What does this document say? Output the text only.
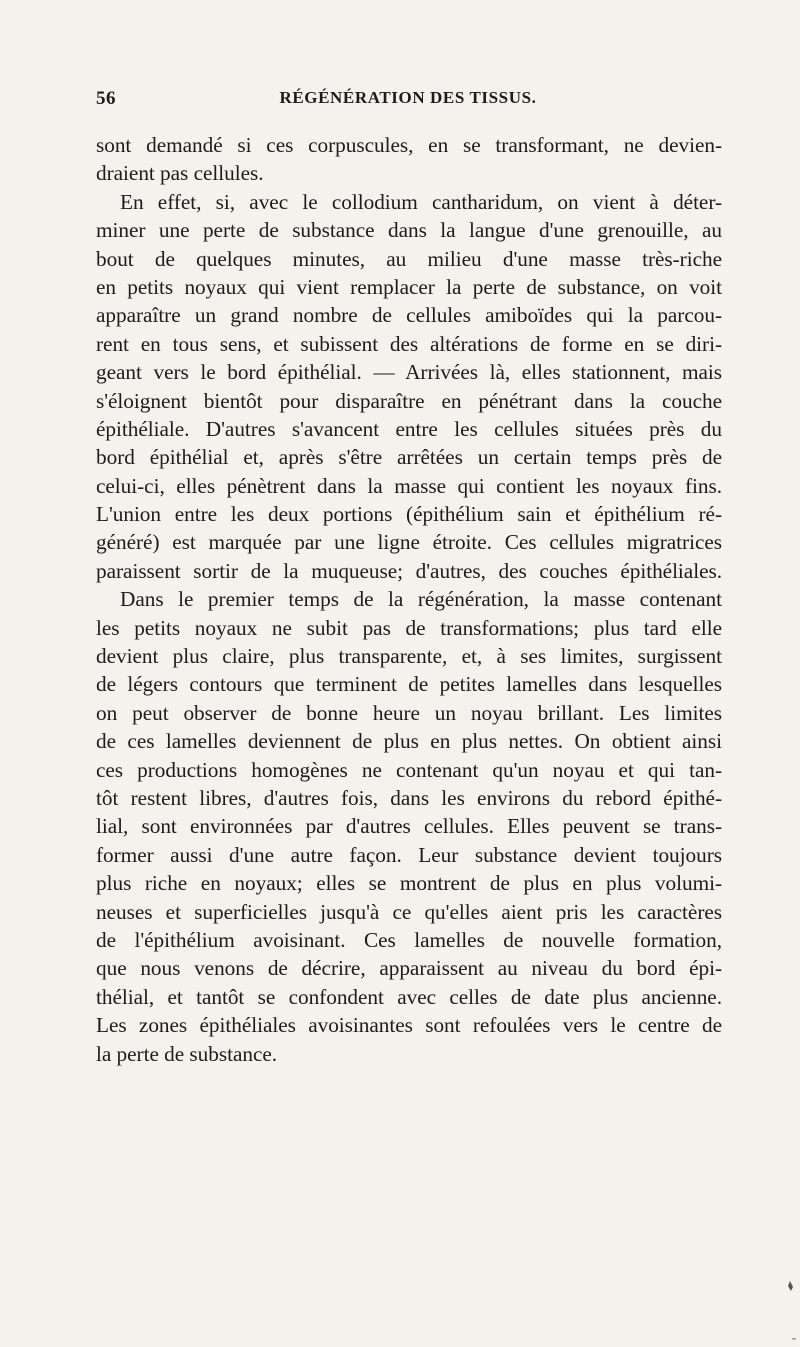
56	RÉGÉNÉRATION DES TISSUS.
sont demandé si ces corpuscules, en se transformant, ne devien-
draient pas cellules.
En effet, si, avec le collodium cantharidum, on vient à déter-
miner une perte de substance dans la langue d'une grenouille, au
bout de quelques minutes, au milieu d'une masse très-riche
en petits noyaux qui vient remplacer la perte de substance, on voit
apparaître un grand nombre de cellules amiboïdes qui la parcou-
rent en tous sens, et subissent des altérations de forme en se diri-
geant vers le bord épithélial. — Arrivées là, elles stationnent, mais
s'éloignent bientôt pour disparaître en pénétrant dans la couche
épithéliale. D'autres s'avancent entre les cellules situées près du
bord épithélial et, après s'être arrêtées un certain temps près de
celui-ci, elles pénètrent dans la masse qui contient les noyaux fins.
L'union entre les deux portions (épithélium sain et épithélium ré-
généré) est marquée par une ligne étroite. Ces cellules migratrices
paraissent sortir de la muqueuse; d'autres, des couches épithéliales.
Dans le premier temps de la régénération, la masse contenant
les petits noyaux ne subit pas de transformations; plus tard elle
devient plus claire, plus transparente, et, à ses limites, surgissent
de légers contours que terminent de petites lamelles dans lesquelles
on peut observer de bonne heure un noyau brillant. Les limites
de ces lamelles deviennent de plus en plus nettes. On obtient ainsi
ces productions homogènes ne contenant qu'un noyau et qui tan-
tôt restent libres, d'autres fois, dans les environs du rebord épithé-
lial, sont environnées par d'autres cellules. Elles peuvent se trans-
former aussi d'une autre façon. Leur substance devient toujours
plus riche en noyaux; elles se montrent de plus en plus volumi-
neuses et superficielles jusqu'à ce qu'elles aient pris les caractères
de l'épithélium avoisinant. Ces lamelles de nouvelle formation,
que nous venons de décrire, apparaissent au niveau du bord épi-
thélial, et tantôt se confondent avec celles de date plus ancienne.
Les zones épithéliales avoisinantes sont refoulées vers le centre de
la perte de substance.
